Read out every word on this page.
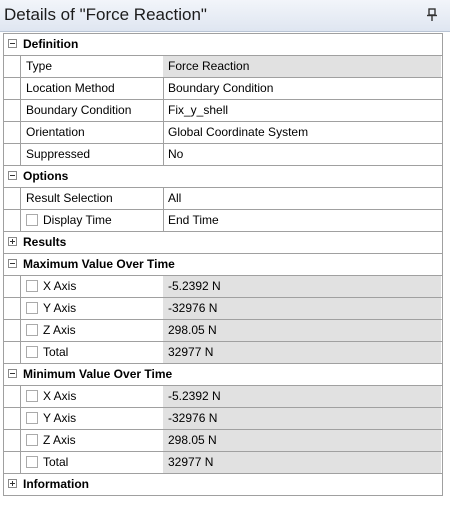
Details of "Force Reaction"
Definition
Type	Force Reaction
Location Method	Boundary Condition
Boundary Condition	Fix_y_shell
Orientation	Global Coordinate System
Suppressed	No
Options
Result Selection	All
Display Time	End Time
Results
Maximum Value Over Time
X Axis	-5.2392 N
Y Axis	-32976 N
Z Axis	298.05 N
Total	32977 N
Minimum Value Over Time
X Axis	-5.2392 N
Y Axis	-32976 N
Z Axis	298.05 N
Total	32977 N
Information
